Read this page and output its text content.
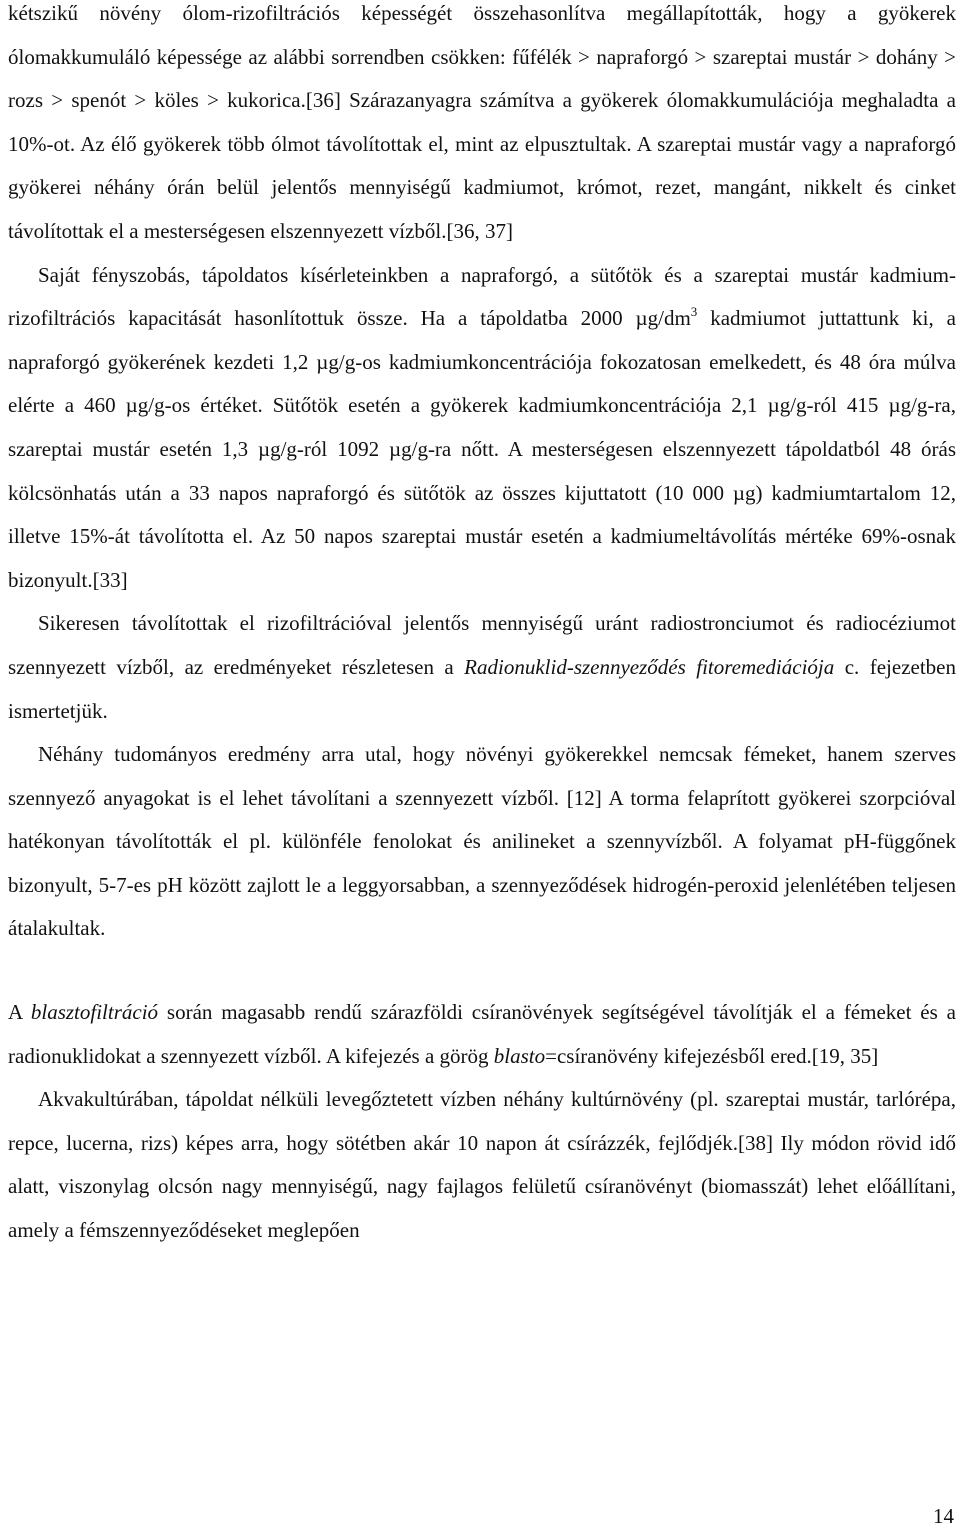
kétszikű növény ólom-rizofiltrációs képességét összehasonlítva megállapították, hogy a gyökerek ólomakkumuláló képessége az alábbi sorrendben csökken: fűfélék > napraforgó > szareptai mustár > dohány > rozs > spenót > köles > kukorica.[36] Szárazanyagra számítva a gyökerek ólomakkumulációja meghaladta a 10%-ot. Az élő gyökerek több ólmot távolítottak el, mint az elpusztultak. A szareptai mustár vagy a napraforgó gyökerei néhány órán belül jelentős mennyiségű kadmiumot, krómot, rezet, mangánt, nikkelt és cinket távolítottak el a mesterségesen elszennyezett vízből.[36, 37]

Saját fényszobás, tápoldatos kísérleteinkben a napraforgó, a sütőtök és a szareptai mustár kadmium-rizofiltrációs kapacitását hasonlítottuk össze. Ha a tápoldatba 2000 $\mu g/dm^3$ kadmiumot juttattunk ki, a napraforgó gyökerének kezdeti 1,2 µg/g-os kadmiumkoncentrációja fokozatosan emelkedett, és 48 óra múlva elérte a 460 µg/g-os értéket. Sütőtök esetén a gyökerek kadmiumkoncentrációja 2,1 µg/g-ról 415 µg/g-ra, szareptai mustár esetén 1,3 µg/g-ról 1092 µg/g-ra nőtt. A mesterségesen elszennyezett tápoldatból 48 órás kölcsönhatás után a 33 napos napraforgó és sütőtök az összes kijuttatott (10 000 µg) kadmiumtartalom 12, illetve 15%-át távolította el. Az 50 napos szareptai mustár esetén a kadmiumeltávolítás mértéke 69%-osnak bizonyult.[33]

Sikeresen távolítottak el rizofiltrációval jelentős mennyiségű uránt radiostronciumot és radiocéziumot szennyezett vízből, az eredményeket részletesen a Radionuklid-szennyeződés fitoremediációja c. fejezetben ismertetjük.

Néhány tudományos eredmény arra utal, hogy növényi gyökerekkel nemcsak fémeket, hanem szerves szennyező anyagokat is el lehet távolítani a szennyezett vízből. [12] A torma felaprított gyökerei szorpcióval hatékonyan távolították el pl. különféle fenolokat és anilineket a szennyvízből. A folyamat pH-függőnek bizonyult, 5-7-es pH között zajlott le a leggyorsabban, a szennyeződések hidrogén-peroxid jelenlétében teljesen átalakultak.

A blasztofiltráció során magasabb rendű szárazföldi csíranövények segítségével távolítják el a fémeket és a radionuklidokat a szennyezett vízből. A kifejezés a görög blasto=csíranövény kifejezésből ered.[19, 35]

Akvakultúrában, tápoldat nélküli levegőztetett vízben néhány kultúrnövény (pl. szareptai mustár, tarlórépa, repce, lucerna, rizs) képes arra, hogy sötétben akár 10 napon át csírázzék, fejlődjék.[38] Ily módon rövid idő alatt, viszonylag olcsón nagy mennyiségű, nagy fajlagos felületű csíranövényt (biomasszát) lehet előállítani, amely a fémszennyeződéseket meglepően

14
